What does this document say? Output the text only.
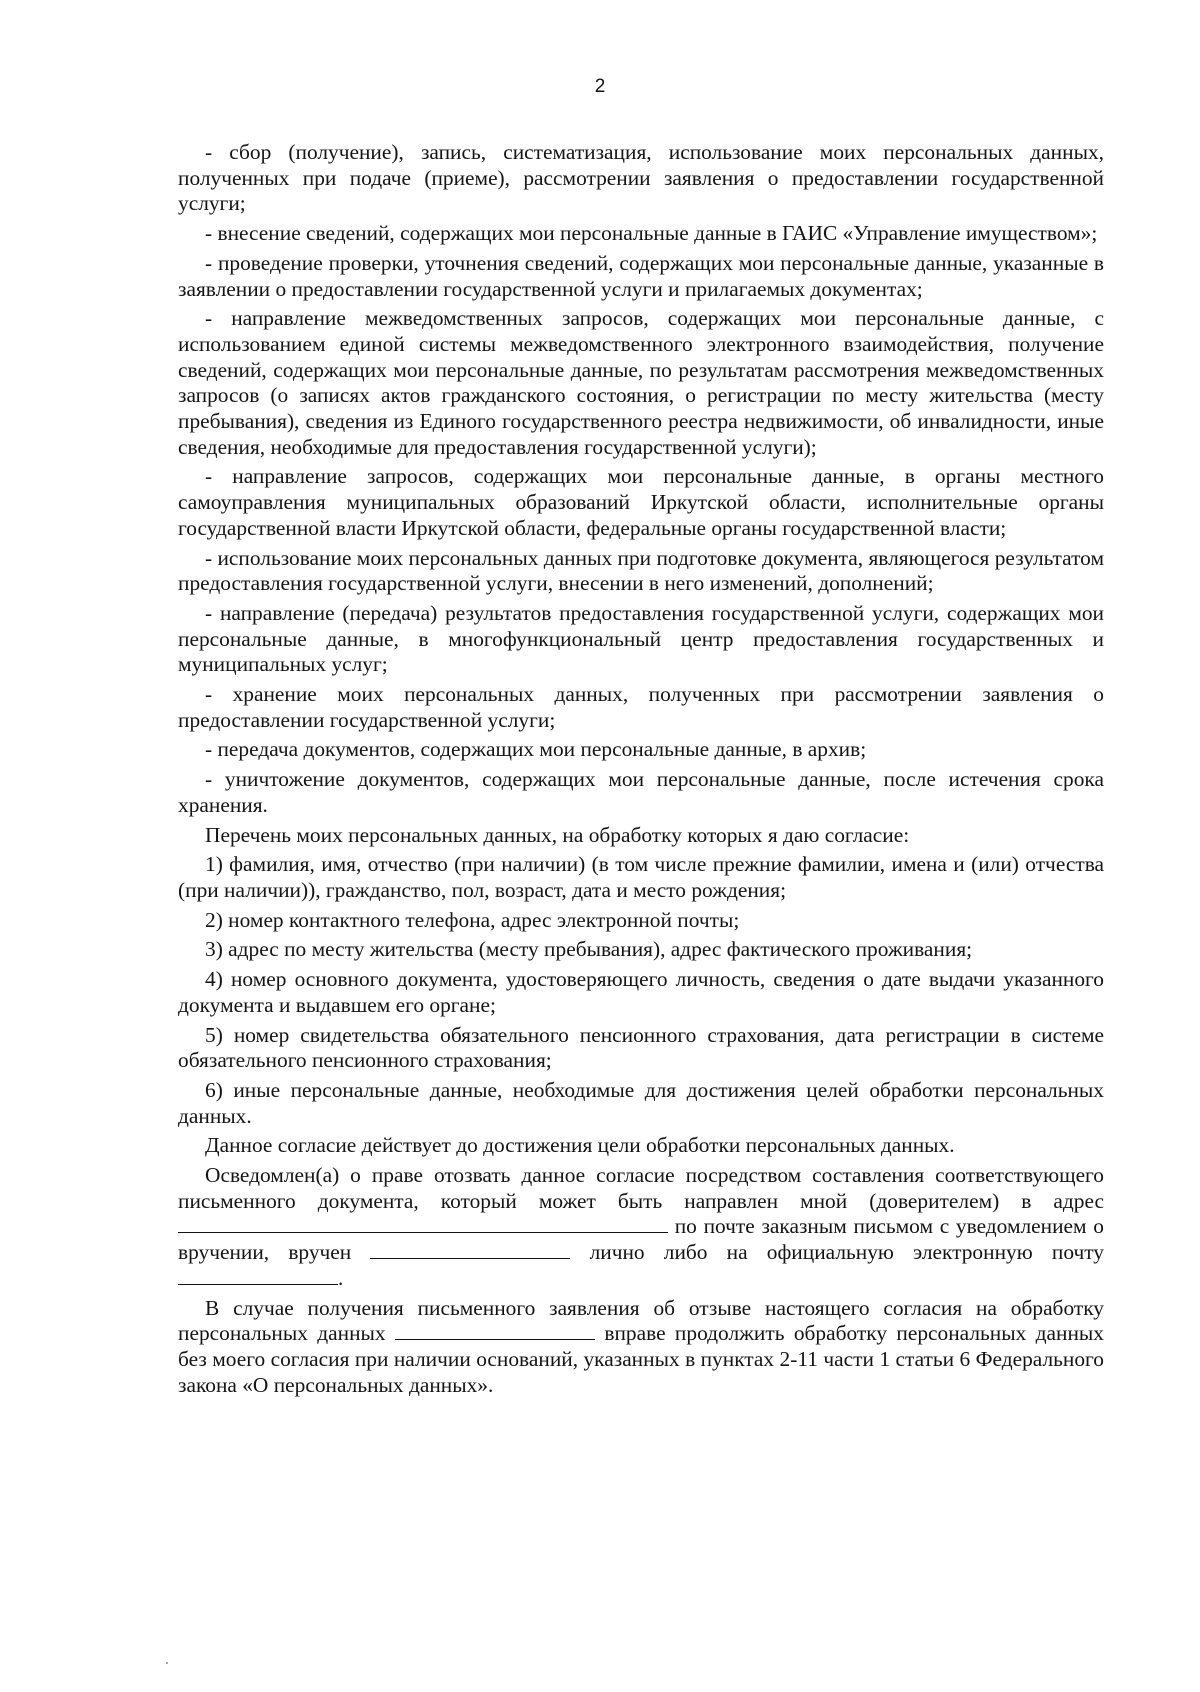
2

- сбор (получение), запись, систематизация, использование моих персональных данных, полученных при подаче (приеме), рассмотрении заявления о предоставлении государственной услуги;

- внесение сведений, содержащих мои персональные данные в ГАИС «Управление имуществом»;

- проведение проверки, уточнения сведений, содержащих мои персональные данные, указанные в заявлении о предоставлении государственной услуги и прилагаемых документах;

- направление межведомственных запросов, содержащих мои персональные данные, с использованием единой системы межведомственного электронного взаимодействия, получение сведений, содержащих мои персональные данные, по результатам рассмотрения межведомственных запросов (о записях актов гражданского состояния, о регистрации по месту жительства (месту пребывания), сведения из Единого государственного реестра недвижимости, об инвалидности, иные сведения, необходимые для предоставления государственной услуги);

- направление запросов, содержащих мои персональные данные, в органы местного самоуправления муниципальных образований Иркутской области, исполнительные органы государственной власти Иркутской области, федеральные органы государственной власти;

- использование моих персональных данных при подготовке документа, являющегося результатом предоставления государственной услуги, внесении в него изменений, дополнений;

- направление (передача) результатов предоставления государственной услуги, содержащих мои персональные данные, в многофункциональный центр предоставления государственных и муниципальных услуг;

- хранение моих персональных данных, полученных при рассмотрении заявления о предоставлении государственной услуги;

- передача документов, содержащих мои персональные данные, в архив;

- уничтожение документов, содержащих мои персональные данные, после истечения срока хранения.

Перечень моих персональных данных, на обработку которых я даю согласие:

1) фамилия, имя, отчество (при наличии) (в том числе прежние фамилии, имена и (или) отчества (при наличии)), гражданство, пол, возраст, дата и место рождения;

2) номер контактного телефона, адрес электронной почты;

3) адрес по месту жительства (месту пребывания), адрес фактического проживания;

4) номер основного документа, удостоверяющего личность, сведения о дате выдачи указанного документа и выдавшем его органе;

5) номер свидетельства обязательного пенсионного страхования, дата регистрации в системе обязательного пенсионного страхования;

6) иные персональные данные, необходимые для достижения целей обработки персональных данных.

Данное согласие действует до достижения цели обработки персональных данных.

Осведомлен(а) о праве отозвать данное согласие посредством составления соответствующего письменного документа, который может быть направлен мной (доверителем) в адрес  по почте заказным письмом с уведомлением о вручении, вручен	лично либо на официальную электронную почту .

В случае получения письменного заявления об отзыве настоящего согласия на обработку персональных данных	вправе продолжить обработку персональных данных без моего согласия при наличии оснований, указанных в пунктах 2-11 части 1 статьи 6 Федерального закона «О персональных данных».
